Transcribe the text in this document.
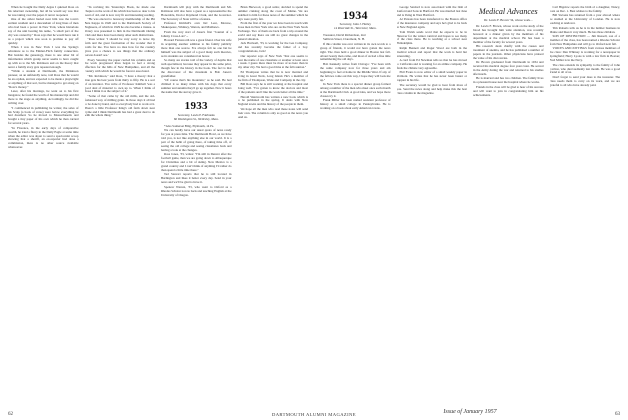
When he bought the Daily Argus I quizzed Ross on his reluctant ownership, but all he would say was that he was taking over the paper. It never reopened.

One of the oldest buried near him was the town's earliest resident and a descendant of long lines of men who had been a power in New York, where historians say of the unit bearing his name, "a small part of the city was owned by." Ross says that he would have run it as a project which was soon to promise to pay off quickly.

When I was in New York I was the Spring's adventure as to the Emmet-Fitch family connection. But besides the genealogy, there is one other bit of information which gossip never seems to have caught up with as to the Mr. Robinson and on the theory that never a family story gets repeated enough.

"While a student at Dartmouth, the Dickinson pioneer, on an unfriendly note, told Ross that he would be an orphan, and not expected to be made a playwright or anything of that sort, but he managed to get along on "Ross's money."

Later, after his marriage, he went on to his first bungalow, he found the worth of his manuscript and did more to the stage as anything. Accordingly, he did the writing over.

"I commenced in publishing he writes; the sales of his Scalp (a book of verse) were below everything he had dreamed. So he moved to Massachusetts and bought a tiny paper of his own which he then carried for several years.

"In Florence, in the early days of comparative wealth, he tried a flurry in the Daily Eagle at some time when the editor was about to send a spectacular scoop showing that a sheriff, an ex-reporter had done a commission, there is no other source available whatsoever.

"In revising his Yesterdays Book, he made one chapter on the work of his which has been so dear to his heart of old, and is now very fit and interesting reading.

"He was elected to honorary membership of the Phi Beta Kappa in 1926 and to the Dartmouth Society of Engineers, of which in 1929 he also became a trustee. A library was presented to him in the Dartmouth Outing Club and there have been many other such distinctions.

"Ross writes: 'I should be very sorry to leave my farm and the great fascination of the wonder that it holds for me. You have no idea how far the country gives you a chance to see things that the ordinary person doesn't see.'

Every Saturday the paper carried his column and as the work progressed Ross began to feel a strong affection for the hills of New Hampshire, and all the country with which he would be forever associated.

"Mr. Robinson," said Ross, "I have a theory: that a man gets his best years from thirty to fifty. He is a sort of an inventor. You write of Professor Kimball 'was a good deal of material to own up to. When I think of those I think it as the subject of it.'

"Some of that came by the old mills, and the old-fashioned way of milling grain. In those days it all had to be done by hand, and so everybody had to work at it. There's a little Professor King's old farm down near Lyme and I think Dartmouth has had a great deal to do with the whole thing."

Dartmouth will play with the Dartmouth and Mr. Robinson will also have a guest as a representative the Honorable, Doctor Raymond Clark, and the Governor. The Secretary of State will be a feature.

Professor Kimball's own list: Lear, Monroe, Shakespeare, Whitney, Warren, and Matthews.

From the very start of Jones's first "Journal of a Johnny Cross-Lots"...

Howard Farnsworth was a great friend. Over his wife in acquiring another addition to his family publicly more than one source. I've always felt no one but he himself was the subject of a good many such theories, as its students are considered an honor.

So many are stories told of the variety of depths that well-specialized, because they appear in the same print, though few in the history in the book. The fact is that the discoverer of the mountain is Bob Jones's grandfather.

"Of course that's his mountain," as he said. He had climbed it so many times with his dogs that every summer and autumn they'd go up together. Now it bears the name that the survey gave it.

1933
Secretary, Lewis P. Fairbanks
66 Washington St., Wellesley, Mass.

*Also Somerset Bldg, Plymouth, 14 Pa.

We can hardly have our usual quota of news ready for you at press time. The Dartmouth Bowl, as we have told you, is not like anything else in our world. It is a part of the habit of going there, of taking time off, of seeing the old college and seeing classmates back and having a look at the changes.

Ross Jones, '33, writes: "I'm still in Denver after the football game, then we are going down to Albuquerque for Christmas and a bit of skiing. New Mexico is a grand country and I can't think of anything I'd rather do than spend a little time there."

Ted Stewart reports that he is still located in Burlington and likes it better every day. Send in your news and we'll be glad to have it.

Spencer Warren, '33, who went to Oxford as a Rhodes Scholar is now back and teaching English at the University of Oregon.

Brian Harwood, a good sailor, decided to spend the summer cruising along the coast of Maine. We are indebted to him for these notes of the summer which he says were pretty fair.

From the first of the year we have been in touch with those men in New York who are on the New York Stock Exchange. Two of them are back from a trip around the world and say there are still no great changes in the general situation.

Jack Hartwell, '33, is working for the Gas Company, and has recently become the father of a boy. Congratulations, Jack!

Our reporter says of New York "that one seems to hear the name of one classmate or another at least once a week. I guess there must be more of us here than in any other city. We had a good time at the fall reunion."

Ed Thompson writes that he is now married and living in Great Neck, Long Island. He's a member of the firm of Thompson, Wade and Company in the city.

Bill Ross says he is still working at the hospital and doing well. "I've gotten to know the doctors and most of the patients and I like the work better all the time."

Harold Wentworth has written a new book which is to be published in the spring. It deals with New England towns and the history of the people in them.

We hope all the men who read these notes will send their own. The column is only as good as the news you send us.

1934
Secretary, John J. Harley
14 Riverside St., Worcester, Mass.

Treasurer, David Richardson, 2nd

Sullivan Street, Claremont, N. H.

If this column was ever written in its own words to a group of friends, it would not have gotten the news right. The class held a good dinner in Boston last fall. About twenty men came, and most of us had a fine time remembering the old days.

Bob Kennedy writes from Chicago: "I've been with the same company now for three years and am beginning to feel at home in the Middle West. If any of the fellows come out this way, I hope they will look me up."

In New York there is a special dinner group formed among a number of the men who meet once each month at the Dartmouth Club. A good idea, and we hope more classes try it.

Frank Miller has been named assistant professor of history at a small college in Pennsylvania. He is working on a book about early American towns.

George Sanford is now associated with the firm of Sanford and Sons in Hartford. He was married last June and is living in West Hartford.

Al Parsons has been transferred to the Boston office of the insurance company and says he's glad to be back in New England again.

Tom Walsh sends word that he expects to be in Hanover for the winter carnival and hopes to see many of the class there. He is teaching at a school near Philadelphia.

Ralph Bennett and Roger Wood are both in the medical school and report that the work is hard but interesting.

A card from Ed Newman tells us that he has moved to California and is working for an airline company. He finds the climate very agreeable.

Phil Evans is now editor of a small weekly paper in Vermont. He writes that he has never been busier or happier in his life.

The secretary would be glad to hear from more of you. Send the news along and help make this the best class column in the magazine.

Medical Advances
Dr. Lewis F. Brown '34, whose work...

Dr. Lewis F. Brown, whose work on the study of the blood has brought him wide attention, was recently honored at a dinner given by the members of his department at the medical school. He has been a member of the faculty for several years.

His research deals chiefly with the causes and treatment of anemia, and he has published a number of papers in the journals. Other physicians have praised the value of his discoveries.

Dr. Brown graduated from Dartmouth in 1934 and received his medical degree four years later. He served in the Army during the war and returned to his studies afterwards.

He is married and has two children. The family lives in a pleasant house near the hospital where he works.

Friends in the class will be glad to hear of his success and will want to join in congratulating him on his achievements.

Carl Bigelow reports the birth of a daughter, Nancy, born on Dec. 1. Best wishes to the family.

Bill Stevens has returned from a year abroad where he studied at the University of London. He is now teaching at Andover.

Tim Roberts tells us he is in the lumber business in Maine and likes it very much. He has three children.

SON OF DISTINCTION — Jim Russell, son of a member of the class, has been named a Rhodes Scholar from New Hampshire and will go to Oxford next fall.

VOICES AND JOTTINGS from various members of the class: Dan Whitney is working for a newspaper in Springfield; Harry Lyons is with a law firm in Boston; Fred Miller is in the Navy.

The class extends its sympathy to the family of John Carlton, who died suddenly last month. He was a good friend to all of us.

Don't forget to send your dues to the treasurer. The class needs them to carry on its work, and we are grateful to all who have already paid.

62	DARTMOUTH ALUMNI MAGAZINE	Issue of January 1957	63
